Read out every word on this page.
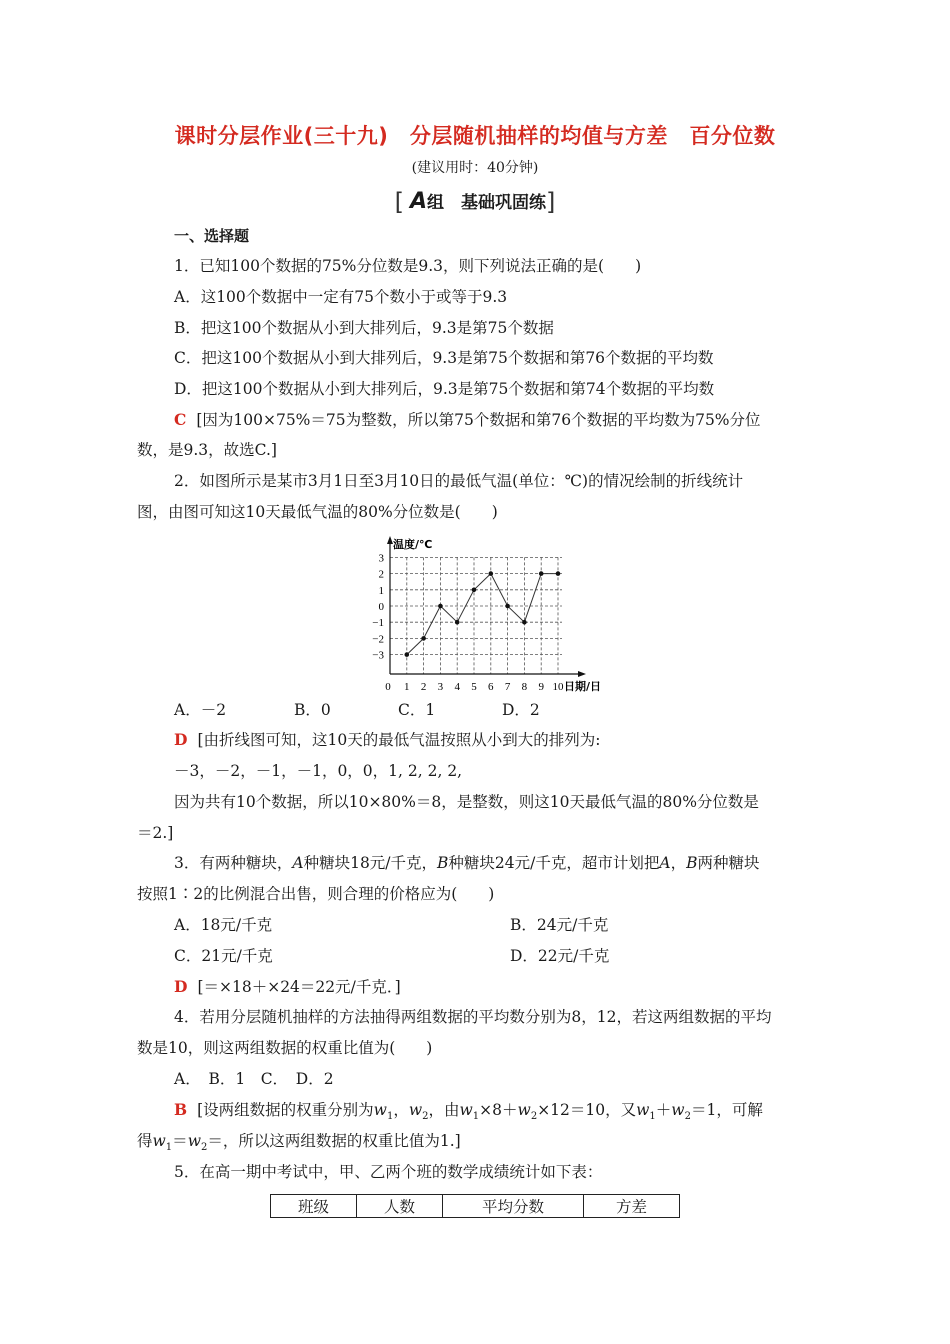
课时分层作业(三十九)　分层随机抽样的均值与方差　百分位数
(建议用时：40分钟)
[ A组　基础巩固练]
一、选择题
1．已知100个数据的75%分位数是9.3，则下列说法正确的是(　　)
A．这100个数据中一定有75个数小于或等于9.3
B．把这100个数据从小到大排列后，9.3是第75个数据
C．把这100个数据从小到大排列后，9.3是第75个数据和第76个数据的平均数
D．把这100个数据从小到大排列后，9.3是第75个数据和第74个数据的平均数
C [因为100×75%＝75为整数，所以第75个数据和第76个数据的平均数为75%分位
数，是9.3，故选C.]
2．如图所示是某市3月1日至3月10日的最低气温(单位：℃)的情况绘制的折线统计
图，由图可知这10天最低气温的80%分位数是(　　)
3
2
1
0
−1
−2
−3
0 1 2 3 4 5 6 7 8 9 10
温度/℃
日期/日
A．－2	B．0	C．1	D．2
D [由折线图可知，这10天的最低气温按照从小到大的排列为:
－3，－2，－1，－1，0，0，1, 2, 2, 2,
因为共有10个数据，所以10×80%＝8，是整数，则这10天最低气温的80%分位数是
＝2.]
3．有两种糖块，A种糖块18元/千克，B种糖块24元/千克，超市计划把A，B两种糖块
按照1∶2的比例混合出售，则合理的价格应为(　　)
A．18元/千克	B．24元/千克
C．21元/千克	D．22元/千克
D [＝×18＋×24＝22元/千克．]
4．若用分层随机抽样的方法抽得两组数据的平均数分别为8，12，若这两组数据的平均
数是10，则这两组数据的权重比值为(　　)
A．　B．1　C．　D．2
B [设两组数据的权重分别为$w_1$，$w_2$，由$w_1\times 8+w_2\times 12=10$，又$w_1+w_2=1$，可解
得$w_1=w_2=$，所以这两组数据的权重比值为1.]
5．在高一期中考试中，甲、乙两个班的数学成绩统计如下表：
班级	人数	平均分数	方差
